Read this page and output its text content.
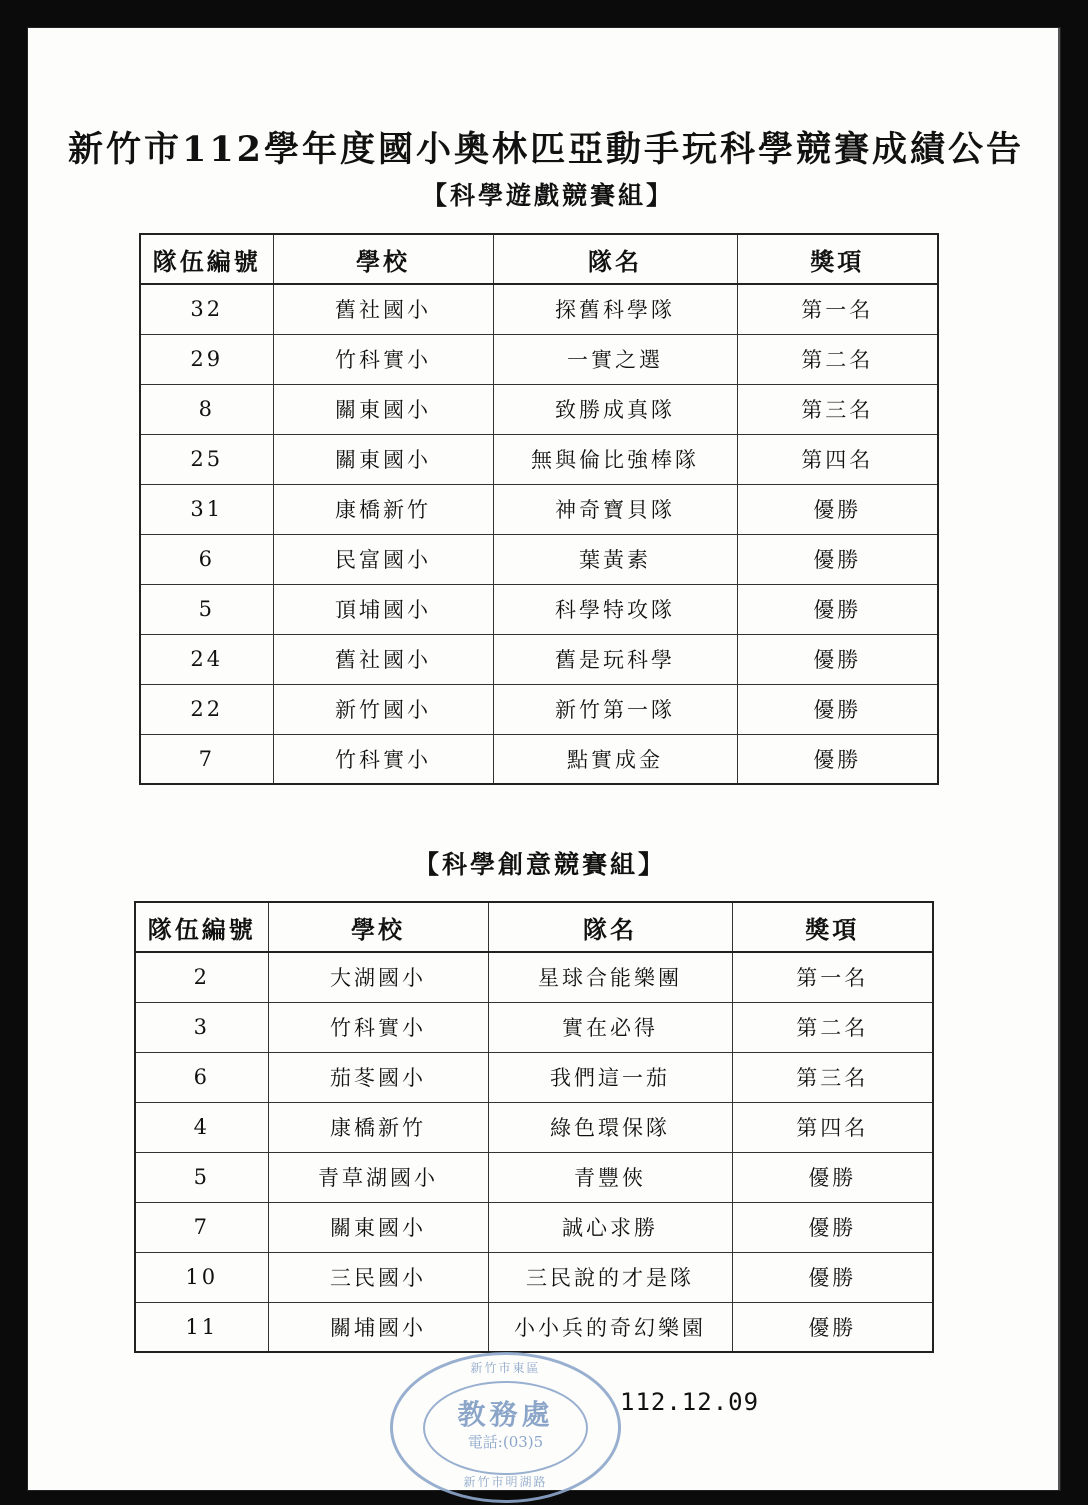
新竹市112學年度國小奧林匹亞動手玩科學競賽成績公告
【科學遊戲競賽組】
隊伍編號	學校	隊名	獎項
32	舊社國小	探舊科學隊	第一名
29	竹科實小	一實之選	第二名
8	關東國小	致勝成真隊	第三名
25	關東國小	無與倫比強棒隊	第四名
31	康橋新竹	神奇寶貝隊	優勝
6	民富國小	葉黃素	優勝
5	頂埔國小	科學特攻隊	優勝
24	舊社國小	舊是玩科學	優勝
22	新竹國小	新竹第一隊	優勝
7	竹科實小	點實成金	優勝
【科學創意競賽組】
隊伍編號	學校	隊名	獎項
2	大湖國小	星球合能樂團	第一名
3	竹科實小	實在必得	第二名
6	茄苳國小	我們這一茄	第三名
4	康橋新竹	綠色環保隊	第四名
5	青草湖國小	青豐俠	優勝
7	關東國小	誠心求勝	優勝
10	三民國小	三民說的才是隊	優勝
11	關埔國小	小小兵的奇幻樂園	優勝
新竹市東區
教務處
電話:(03)5
新竹市明湖路
112.12.09
